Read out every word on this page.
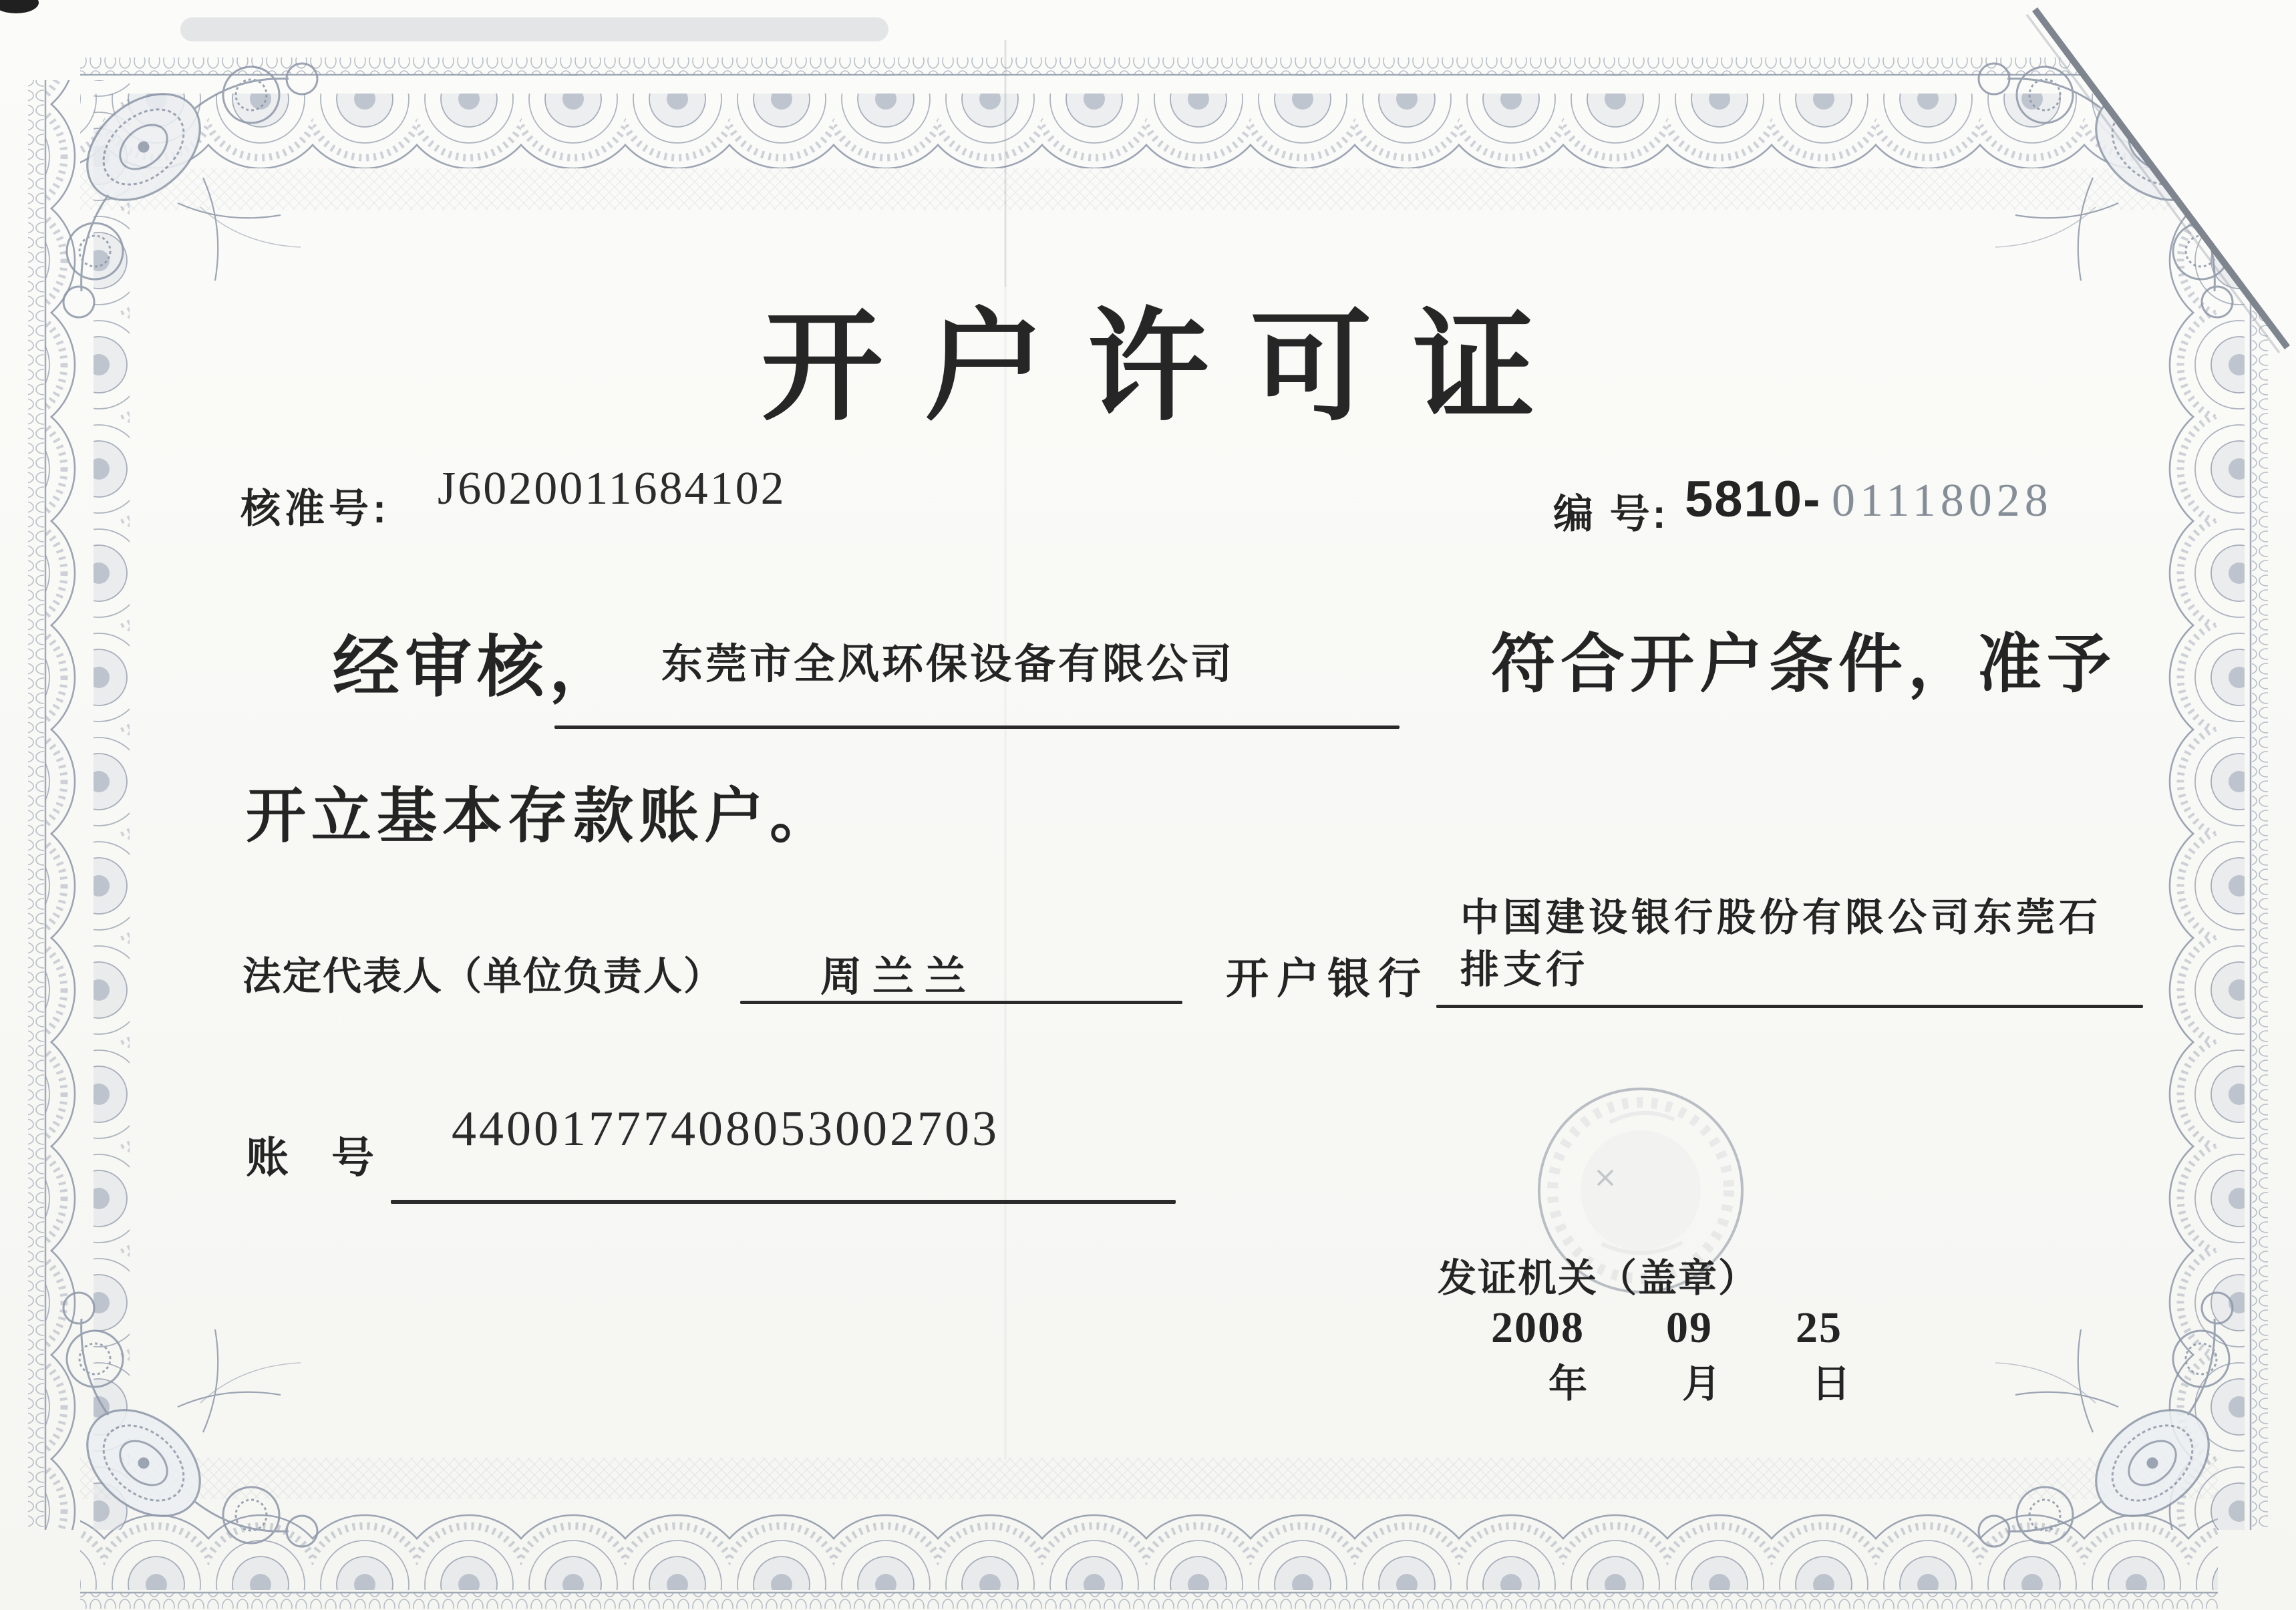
开户许可证
核准号: J6020011684102	编 号: 5810- 01118028
经审核， 东莞市全风环保设备有限公司	符合开户条件，准予
开立基本存款账户。
法定代表人（单位负责人） 周兰兰	开户银行
中国建设银行股份有限公司东莞石
排支行
账　号
44001777408053002703
发证机关（盖章）
2008 09 25
年 月 日
